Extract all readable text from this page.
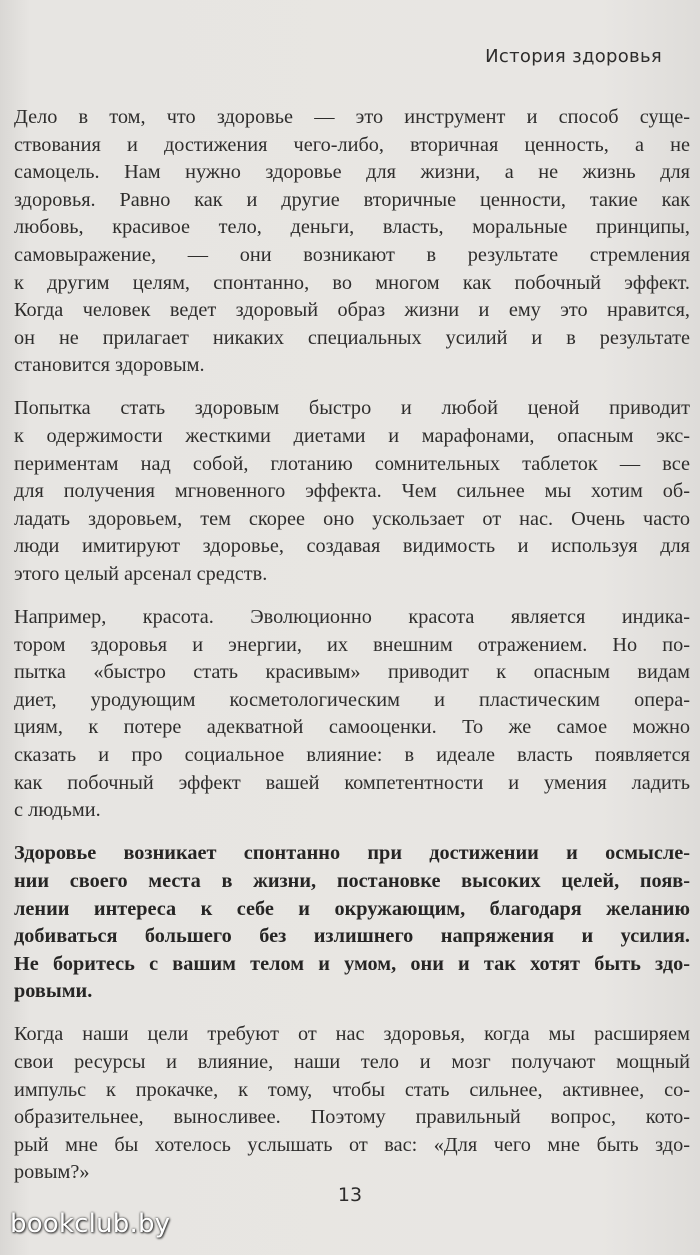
История здоровья

Дело в том, что здоровье — это инструмент и способ суще-
ствования и достижения чего-либо, вторичная ценность, а не
самоцель. Нам нужно здоровье для жизни, а не жизнь для
здоровья. Равно как и другие вторичные ценности, такие как
любовь, красивое тело, деньги, власть, моральные принципы,
самовыражение, — они возникают в результате стремления
к другим целям, спонтанно, во многом как побочный эффект.
Когда человек ведет здоровый образ жизни и ему это нравится,
он не прилагает никаких специальных усилий и в результате
становится здоровым.

Попытка стать здоровым быстро и любой ценой приводит
к одержимости жесткими диетами и марафонами, опасным экс-
периментам над собой, глотанию сомнительных таблеток — все
для получения мгновенного эффекта. Чем сильнее мы хотим об-
ладать здоровьем, тем скорее оно ускользает от нас. Очень часто
люди имитируют здоровье, создавая видимость и используя для
этого целый арсенал средств.

Например, красота. Эволюционно красота является индика-
тором здоровья и энергии, их внешним отражением. Но по-
пытка «быстро стать красивым» приводит к опасным видам
диет, уродующим косметологическим и пластическим опера-
циям, к потере адекватной самооценки. То же самое можно
сказать и про социальное влияние: в идеале власть появляется
как побочный эффект вашей компетентности и умения ладить
с людьми.

Здоровье возникает спонтанно при достижении и осмысле-
нии своего места в жизни, постановке высоких целей, появ-
лении интереса к себе и окружающим, благодаря желанию
добиваться большего без излишнего напряжения и усилия.
Не боритесь с вашим телом и умом, они и так хотят быть здо-
ровыми.

Когда наши цели требуют от нас здоровья, когда мы расширяем
свои ресурсы и влияние, наши тело и мозг получают мощный
импульс к прокачке, к тому, чтобы стать сильнее, активнее, со-
образительнее, выносливее. Поэтому правильный вопрос, кото-
рый мне бы хотелось услышать от вас: «Для чего мне быть здо-
ровым?»

13
bookclub.by
